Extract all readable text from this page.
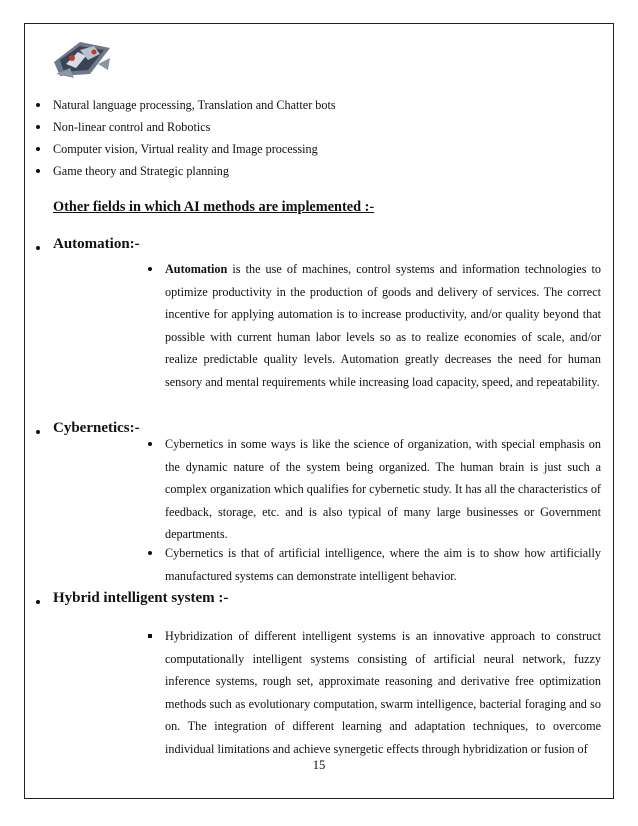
Natural language processing, Translation and Chatter bots
Non-linear control and Robotics
Computer vision, Virtual reality and Image processing
Game theory and Strategic planning
Other fields in which AI methods are implemented :-
Automation:-
Automation is the use of machines, control systems and information technologies to optimize productivity in the production of goods and delivery of services. The correct incentive for applying automation is to increase productivity, and/or quality beyond that possible with current human labor levels so as to realize economies of scale, and/or realize predictable quality levels. Automation greatly decreases the need for human sensory and mental requirements while increasing load capacity, speed, and repeatability.
Cybernetics:-
Cybernetics in some ways is like the science of organization, with special emphasis on the dynamic nature of the system being organized. The human brain is just such a complex organization which qualifies for cybernetic study. It has all the characteristics of feedback, storage, etc. and is also typical of many large businesses or Government departments.
Cybernetics is that of artificial intelligence, where the aim is to show how artificially manufactured systems can demonstrate intelligent behavior.
Hybrid intelligent system :-
Hybridization of different intelligent systems is an innovative approach to construct computationally intelligent systems consisting of artificial neural network, fuzzy inference systems, rough set, approximate reasoning and derivative free optimization methods such as evolutionary computation, swarm intelligence, bacterial foraging and so on. The integration of different learning and adaptation techniques, to overcome individual limitations and achieve synergetic effects through hybridization or fusion of
15
